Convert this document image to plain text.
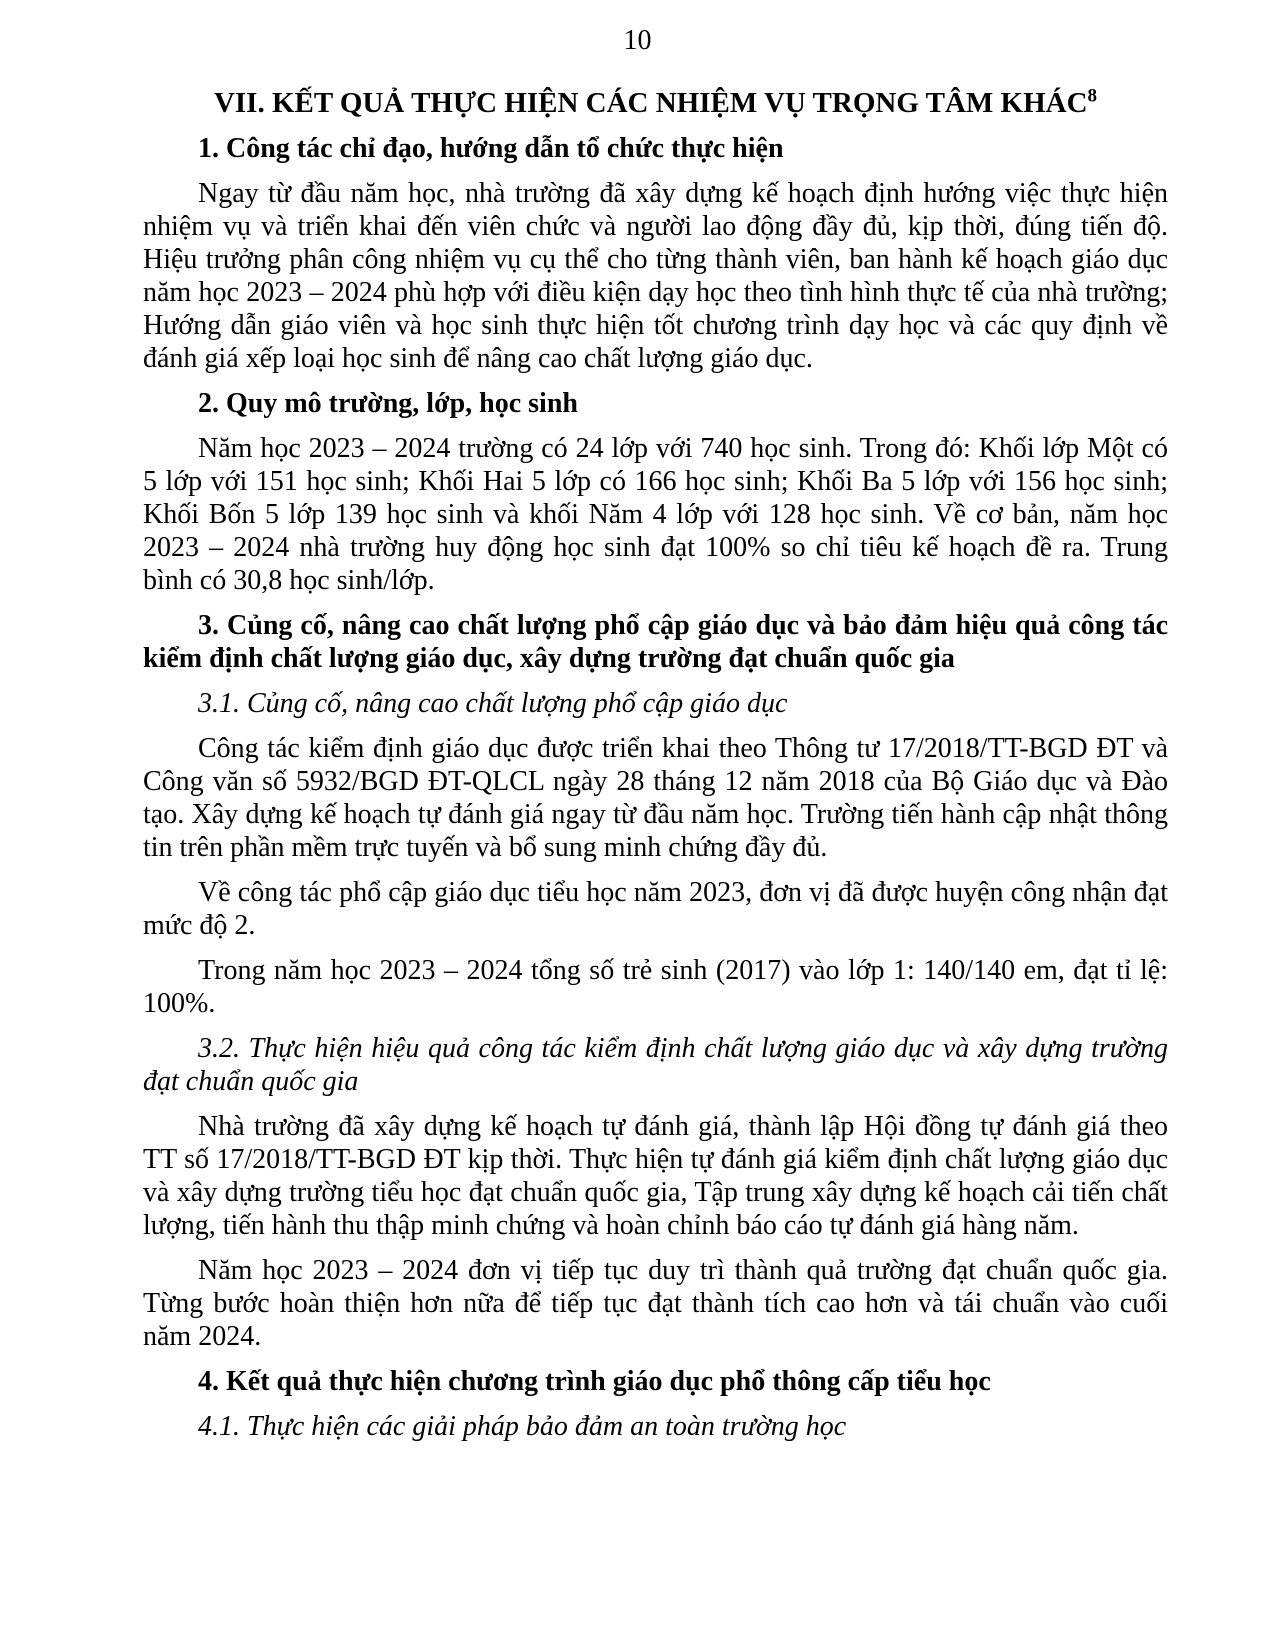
10
VII. KẾT QUẢ THỰC HIỆN CÁC NHIỆM VỤ TRỌNG TÂM KHÁC$^8$
1. Công tác chỉ đạo, hướng dẫn tổ chức thực hiện
Ngay từ đầu năm học, nhà trường đã xây dựng kế hoạch định hướng việc thực hiện nhiệm vụ và triển khai đến viên chức và người lao động đầy đủ, kịp thời, đúng tiến độ. Hiệu trưởng phân công nhiệm vụ cụ thể cho từng thành viên, ban hành kế hoạch giáo dục năm học 2023 – 2024 phù hợp với điều kiện dạy học theo tình hình thực tế của nhà trường; Hướng dẫn giáo viên và học sinh thực hiện tốt chương trình dạy học và các quy định về đánh giá xếp loại học sinh để nâng cao chất lượng giáo dục.
2. Quy mô trường, lớp, học sinh
Năm học 2023 – 2024 trường có 24 lớp với 740 học sinh. Trong đó: Khối lớp Một có 5 lớp với 151 học sinh; Khối Hai 5 lớp có 166 học sinh; Khối Ba 5 lớp với 156 học sinh; Khối Bốn 5 lớp 139 học sinh và khối Năm 4 lớp với 128 học sinh. Về cơ bản, năm học 2023 – 2024 nhà trường huy động học sinh đạt 100% so chỉ tiêu kế hoạch đề ra. Trung bình có 30,8 học sinh/lớp.
3. Củng cố, nâng cao chất lượng phổ cập giáo dục và bảo đảm hiệu quả công tác kiểm định chất lượng giáo dục, xây dựng trường đạt chuẩn quốc gia
3.1. Củng cố, nâng cao chất lượng phổ cập giáo dục
Công tác kiểm định giáo dục được triển khai theo Thông tư 17/2018/TT-BGD ĐT và Công văn số 5932/BGD ĐT-QLCL ngày 28 tháng 12 năm 2018 của Bộ Giáo dục và Đào tạo. Xây dựng kế hoạch tự đánh giá ngay từ đầu năm học. Trường tiến hành cập nhật thông tin trên phần mềm trực tuyến và bổ sung minh chứng đầy đủ.
Về công tác phổ cập giáo dục tiểu học năm 2023, đơn vị đã được huyện công nhận đạt mức độ 2.
Trong năm học 2023 – 2024 tổng số trẻ sinh (2017) vào lớp 1: 140/140 em, đạt tỉ lệ: 100%.
3.2. Thực hiện hiệu quả công tác kiểm định chất lượng giáo dục và xây dựng trường đạt chuẩn quốc gia
Nhà trường đã xây dựng kế hoạch tự đánh giá, thành lập Hội đồng tự đánh giá theo TT số 17/2018/TT-BGD ĐT kịp thời. Thực hiện tự đánh giá kiểm định chất lượng giáo dục và xây dựng trường tiểu học đạt chuẩn quốc gia, Tập trung xây dựng kế hoạch cải tiến chất lượng, tiến hành thu thập minh chứng và hoàn chỉnh báo cáo tự đánh giá hàng năm.
Năm học 2023 – 2024 đơn vị tiếp tục duy trì thành quả trường đạt chuẩn quốc gia. Từng bước hoàn thiện hơn nữa để tiếp tục đạt thành tích cao hơn và tái chuẩn vào cuối năm 2024.
4. Kết quả thực hiện chương trình giáo dục phổ thông cấp tiểu học
4.1. Thực hiện các giải pháp bảo đảm an toàn trường học
